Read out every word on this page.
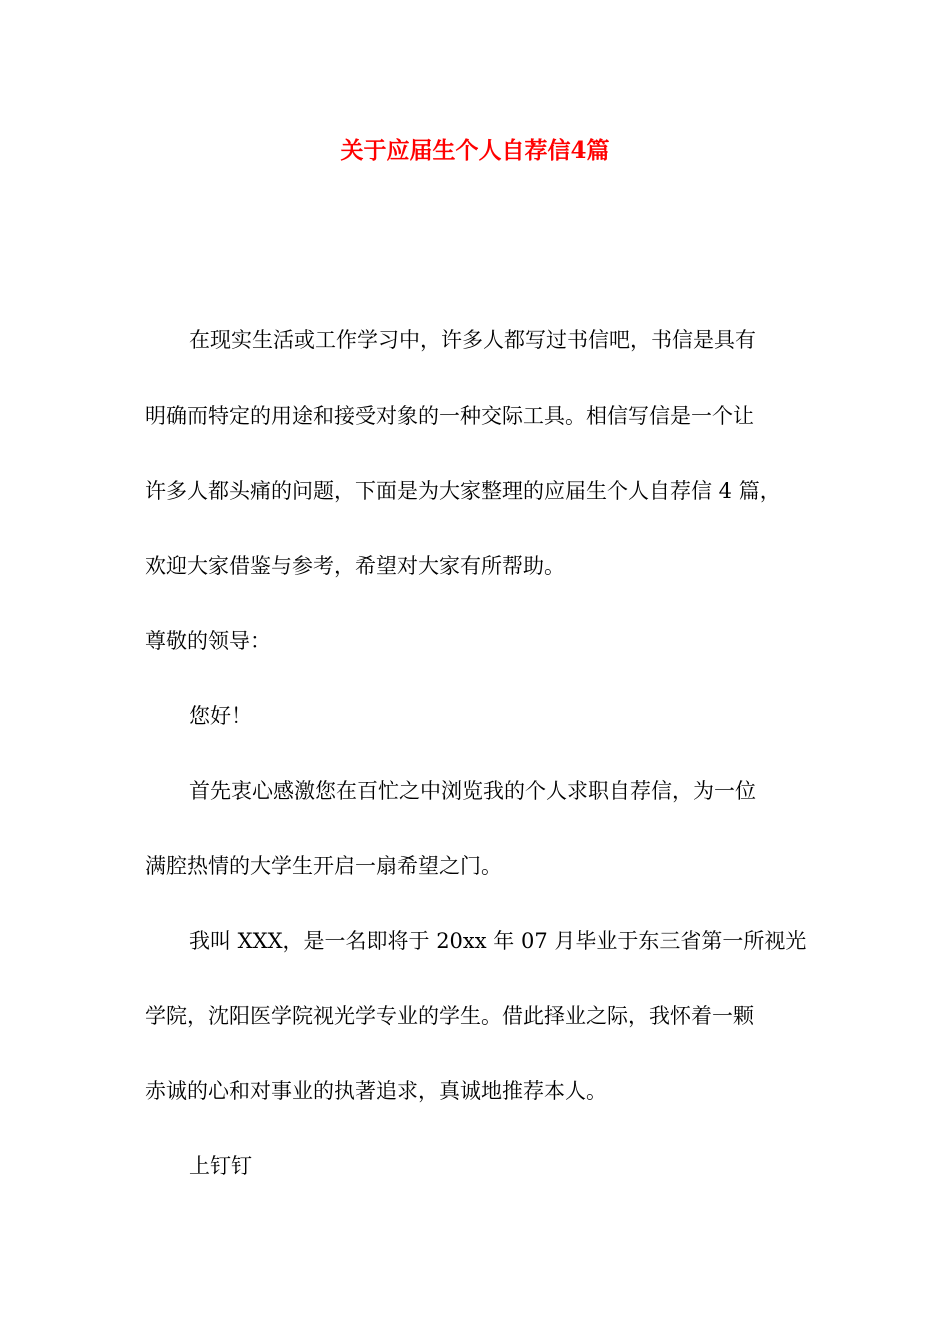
关于应届生个人自荐信4篇

在现实生活或工作学习中，许多人都写过书信吧，书信是具有

明确而特定的用途和接受对象的一种交际工具。相信写信是一个让

许多人都头痛的问题，下面是为大家整理的应届生个人自荐信 4 篇，

欢迎大家借鉴与参考，希望对大家有所帮助。

尊敬的领导：

您好！

首先衷心感激您在百忙之中浏览我的个人求职自荐信，为一位

满腔热情的大学生开启一扇希望之门。

我叫 XXX，是一名即将于 20xx 年 07 月毕业于东三省第一所视光

学院，沈阳医学院视光学专业的学生。借此择业之际，我怀着一颗

赤诚的心和对事业的执著追求，真诚地推荐本人。

上钉钉
